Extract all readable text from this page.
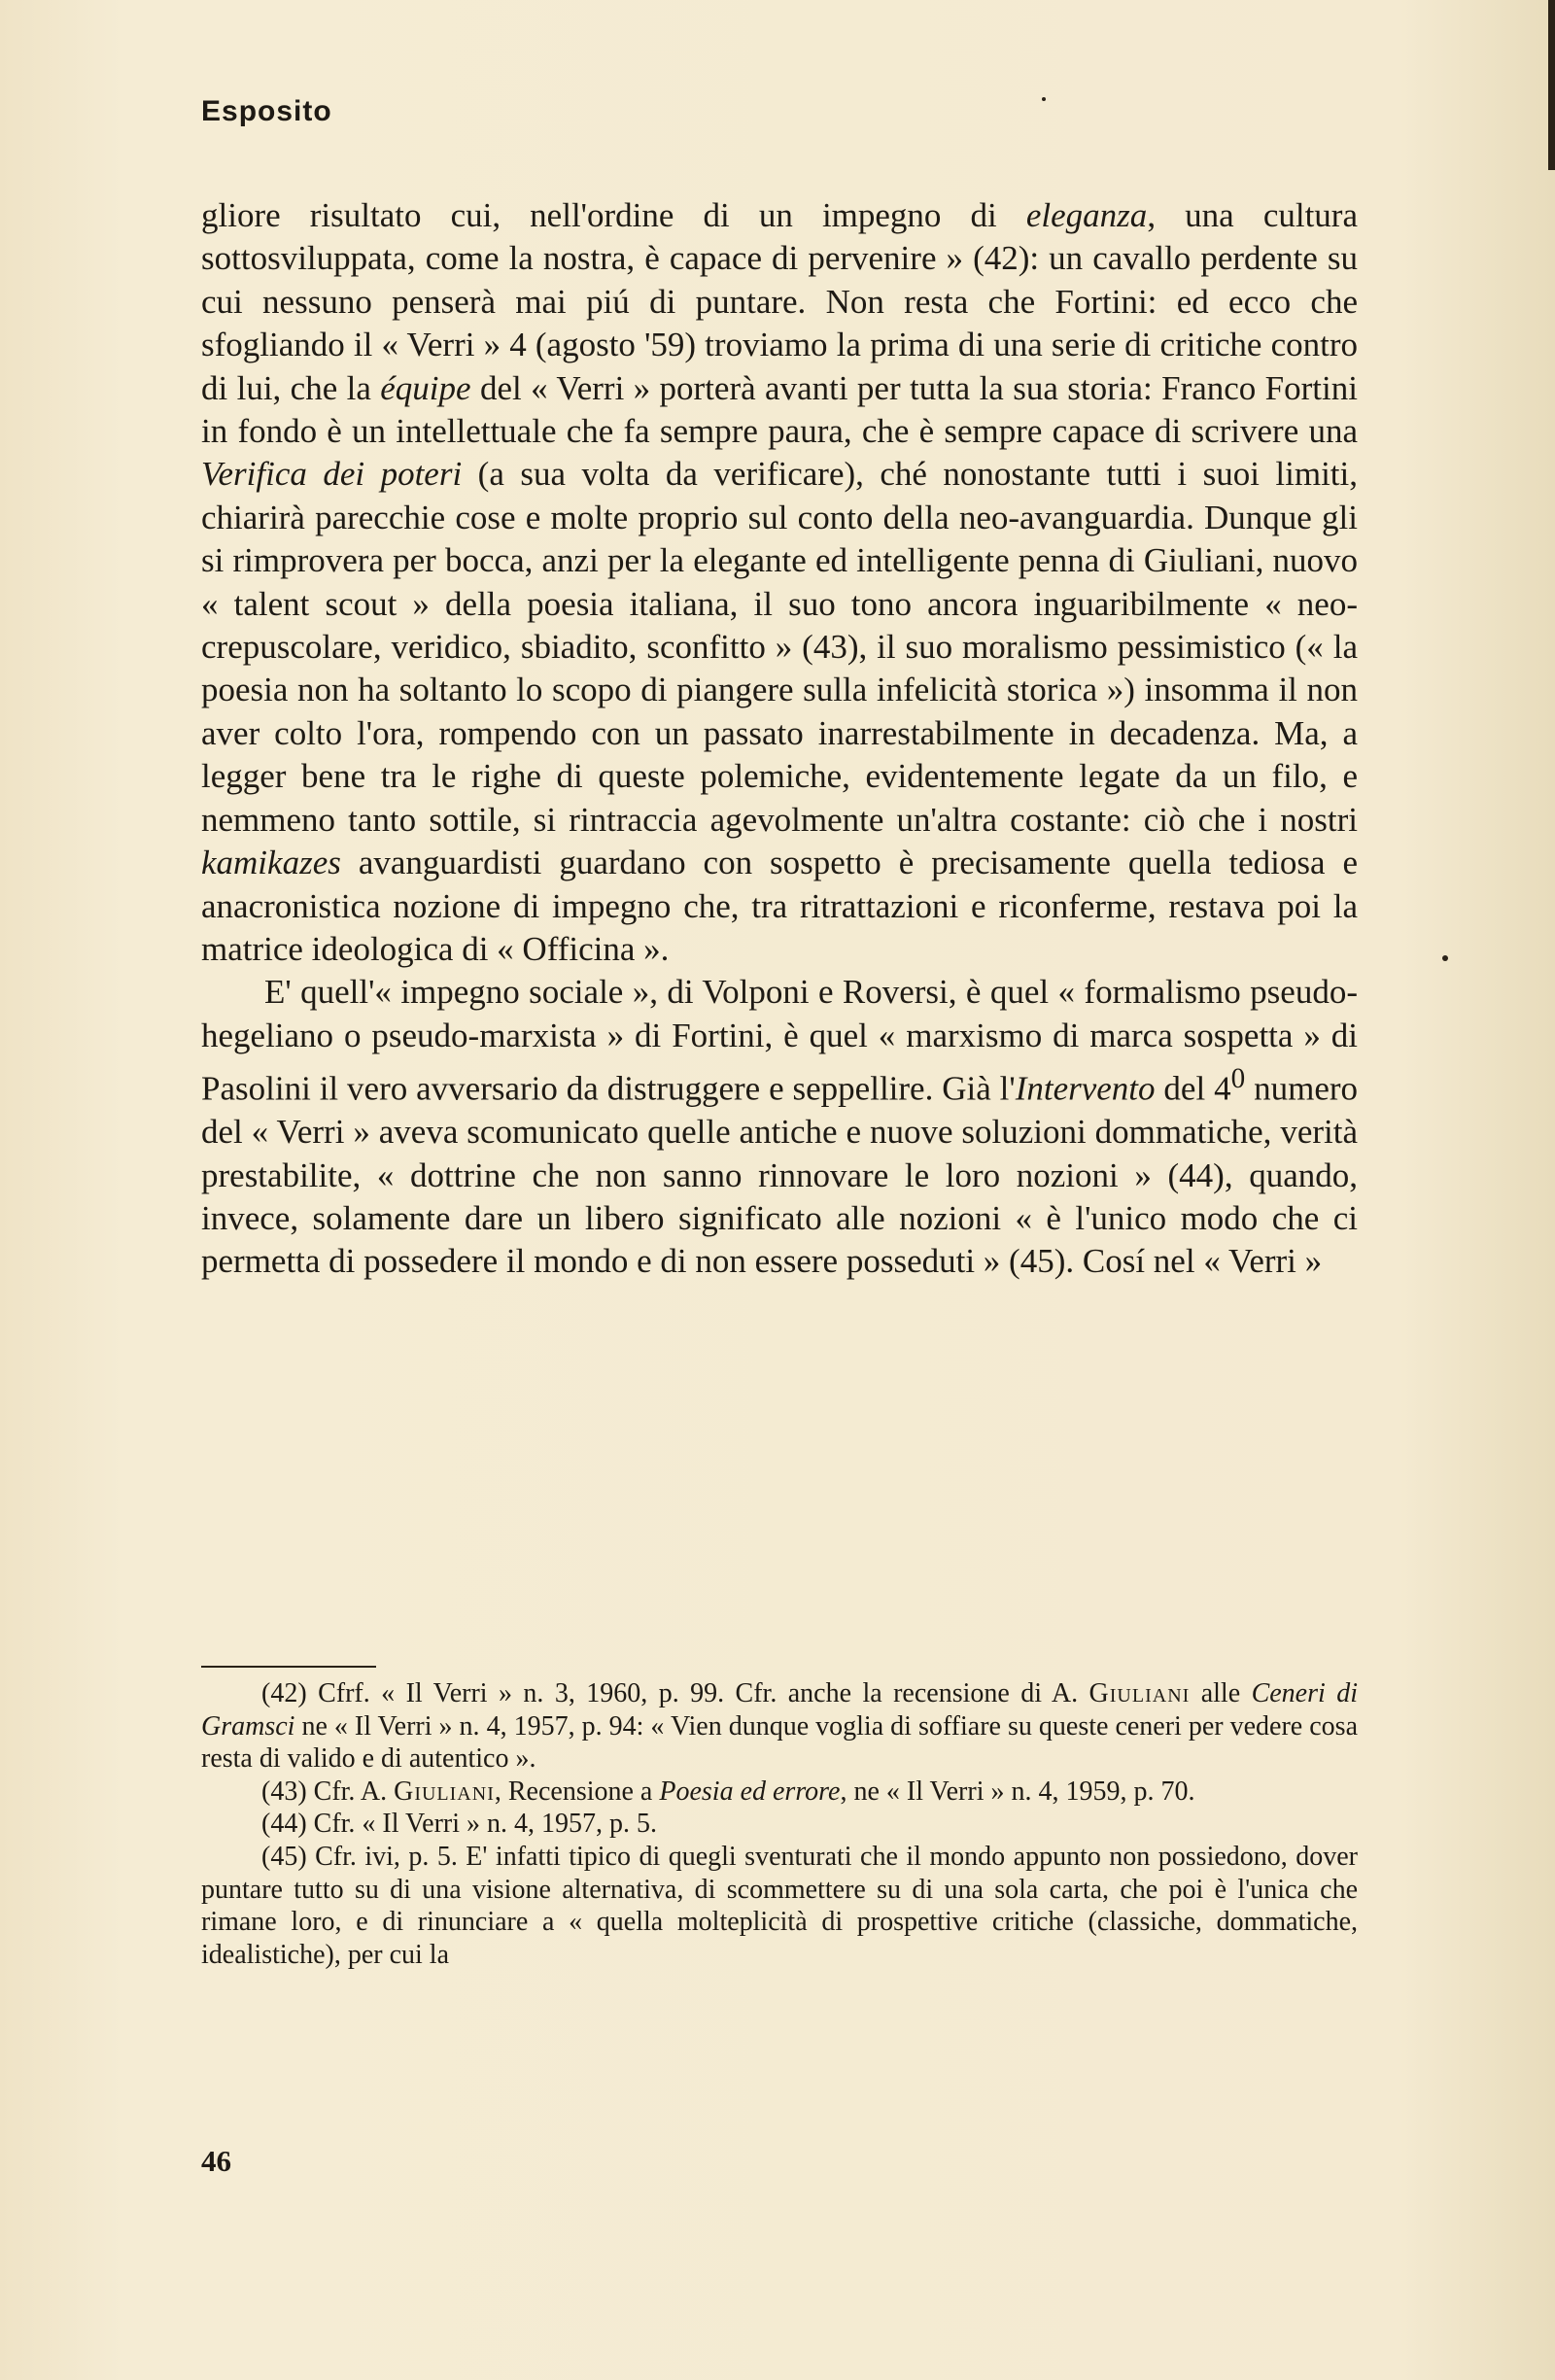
Esposito

gliore risultato cui, nell'ordine di un impegno di eleganza, una cultura sottosviluppata, come la nostra, è capace di pervenire » (42): un cavallo perdente su cui nessuno penserà mai piú di puntare. Non resta che Fortini: ed ecco che sfogliando il « Verri » 4 (agosto '59) troviamo la prima di una serie di critiche contro di lui, che la équipe del « Verri » porterà avanti per tutta la sua storia: Franco Fortini in fondo è un intellettuale che fa sempre paura, che è sempre capace di scrivere una Verifica dei poteri (a sua volta da verificare), ché nonostante tutti i suoi limiti, chiarirà parecchie cose e molte proprio sul conto della neo-avanguardia. Dunque gli si rimprovera per bocca, anzi per la elegante ed intelligente penna di Giuliani, nuovo « talent scout » della poesia italiana, il suo tono ancora inguaribilmente « neo-crepuscolare, veridico, sbiadito, sconfitto » (43), il suo moralismo pessimistico (« la poesia non ha soltanto lo scopo di piangere sulla infelicità storica ») insomma il non aver colto l'ora, rompendo con un passato inarrestabilmente in decadenza. Ma, a legger bene tra le righe di queste polemiche, evidentemente legate da un filo, e nemmeno tanto sottile, si rintraccia agevolmente un'altra costante: ciò che i nostri kamikazes avanguardisti guardano con sospetto è precisamente quella tediosa e anacronistica nozione di impegno che, tra ritrattazioni e riconferme, restava poi la matrice ideologica di « Officina ».

E' quell'« impegno sociale », di Volponi e Roversi, è quel « formalismo pseudo-hegeliano o pseudo-marxista » di Fortini, è quel « marxismo di marca sospetta » di Pasolini il vero avversario da distruggere e seppellire. Già l'Intervento del $4^0$ numero del « Verri » aveva scomunicato quelle antiche e nuove soluzioni dommatiche, verità prestabilite, « dottrine che non sanno rinnovare le loro nozioni » (44), quando, invece, solamente dare un libero significato alle nozioni « è l'unico modo che ci permetta di possedere il mondo e di non essere posseduti » (45). Cosí nel « Verri »

(42) Cfrf. « Il Verri » n. 3, 1960, p. 99. Cfr. anche la recensione di A. Giuliani alle Ceneri di Gramsci ne « Il Verri » n. 4, 1957, p. 94: « Vien dunque voglia di soffiare su queste ceneri per vedere cosa resta di valido e di autentico ».

(43) Cfr. A. Giuliani, Recensione a Poesia ed errore, ne « Il Verri » n. 4, 1959, p. 70.

(44) Cfr. « Il Verri » n. 4, 1957, p. 5.

(45) Cfr. ivi, p. 5. E' infatti tipico di quegli sventurati che il mondo appunto non possiedono, dover puntare tutto su di una visione alternativa, di scommettere su di una sola carta, che poi è l'unica che rimane loro, e di rinunciare a « quella molteplicità di prospettive critiche (classiche, dommatiche, idealistiche), per cui la

46
